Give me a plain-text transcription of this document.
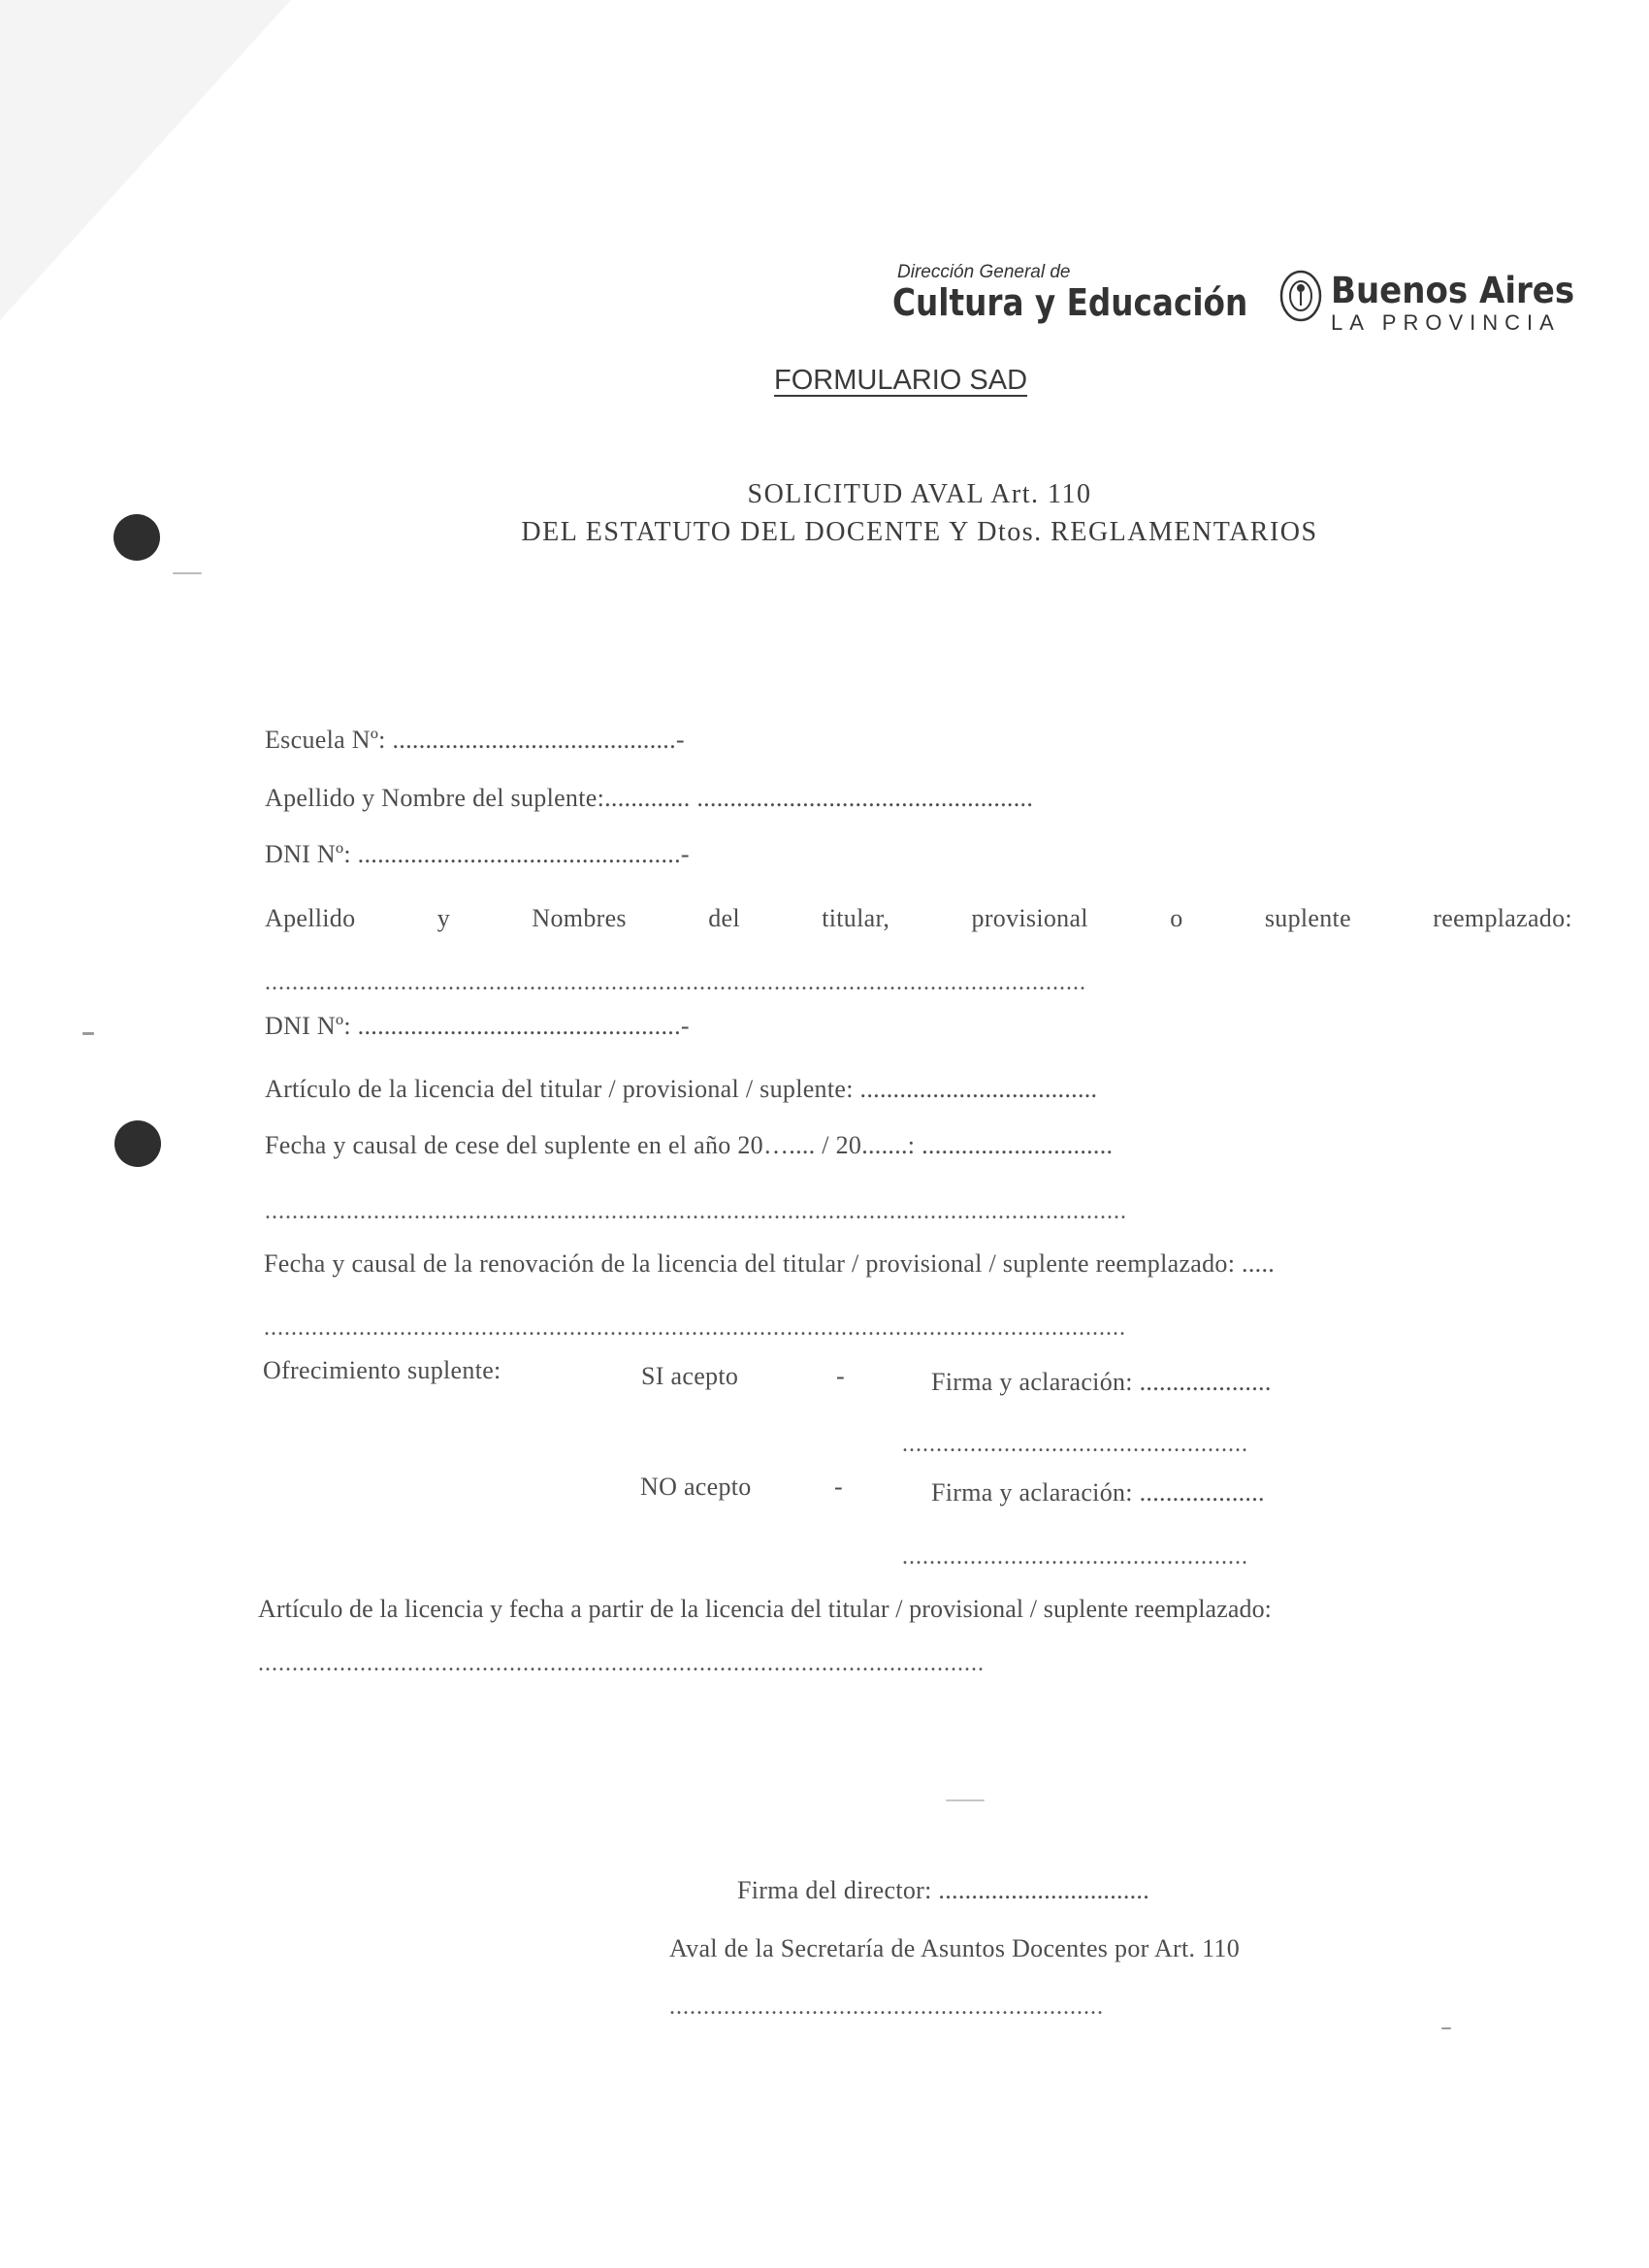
Dirección General de
Cultura y Educación Buenos Aires
LA PROVINCIA
FORMULARIO SAD
SOLICITUD AVAL Art. 110
DEL ESTATUTO DEL DOCENTE Y Dtos. REGLAMENTARIOS
Escuela Nº: ...........................................-
Apellido y Nombre del suplente:............. ...................................................
DNI Nº: .................................................-
Apellido	y	Nombres	del	titular,	provisional	o	suplente	reemplazado:
.........................................................................................................................
DNI Nº: .................................................-
Artículo de la licencia del titular / provisional / suplente: ....................................
Fecha y causal de cese del suplente en el año 20….... / 20.......: .............................
...............................................................................................................................
Fecha y causal de la renovación de la licencia del titular / provisional / suplente reemplazado: .....
...............................................................................................................................
Ofrecimiento suplente:	SI acepto	-	Firma y aclaración: ....................
...................................................
NO acepto	-	Firma y aclaración: ...................
...................................................
Artículo de la licencia y fecha a partir de la licencia del titular / provisional / suplente reemplazado:
...........................................................................................................
Firma del director: ................................
Aval de la Secretaría de Asuntos Docentes por Art. 110
................................................................
